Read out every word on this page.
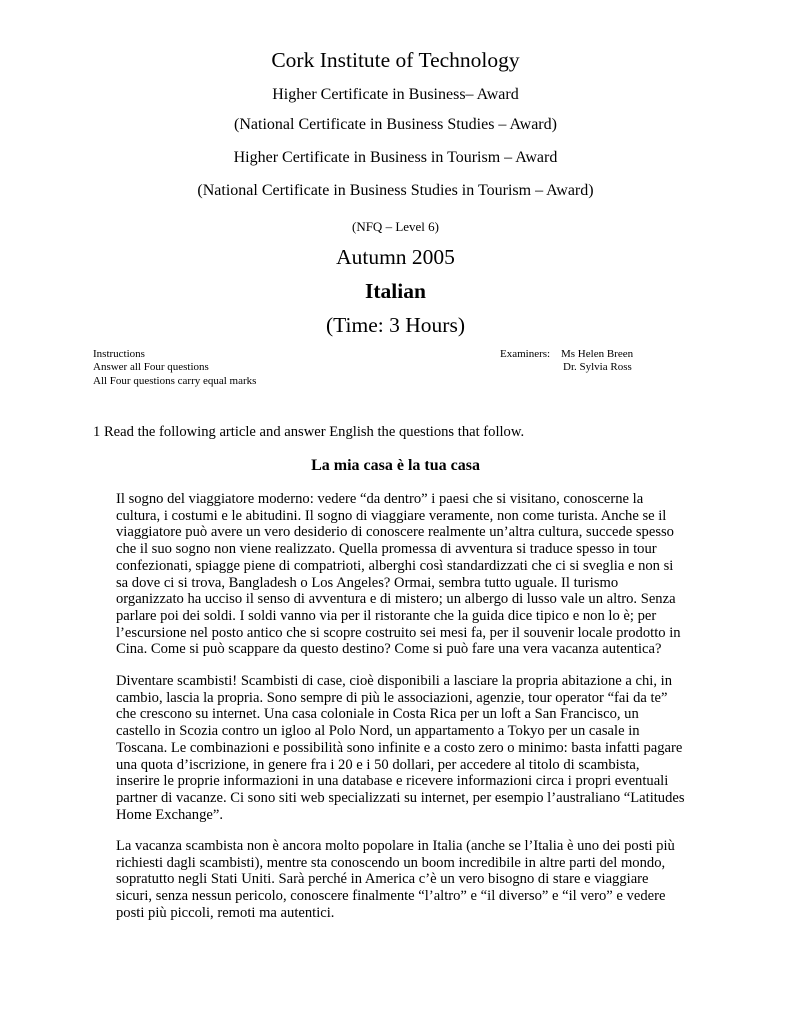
Cork Institute of Technology
Higher Certificate in Business– Award
(National Certificate in Business Studies – Award)
Higher Certificate in Business in Tourism – Award
(National Certificate in Business Studies in Tourism – Award)
(NFQ – Level 6)
Autumn 2005
Italian
(Time: 3 Hours)
Instructions
Answer all Four questions
All Four questions carry equal marks
Examiners: Ms Helen Breen
Dr. Sylvia Ross
1 Read the following article and answer English the questions that follow.
La mia casa è la tua casa

Il sogno del viaggiatore moderno: vedere “da dentro” i paesi che si visitano, conoscerne la cultura, i costumi e le abitudini. Il sogno di viaggiare veramente, non come turista. Anche se il viaggiatore può avere un vero desiderio di conoscere realmente un’altra cultura, succede spesso che il suo sogno non viene realizzato. Quella promessa di avventura si traduce spesso in tour confezionati, spiagge piene di compatrioti, alberghi così standardizzati che ci si sveglia e non si sa dove ci si trova, Bangladesh o Los Angeles? Ormai, sembra tutto uguale. Il turismo organizzato ha ucciso il senso di avventura e di mistero; un albergo di lusso vale un altro. Senza parlare poi dei soldi. I soldi vanno via per il ristorante che la guida dice tipico e non lo è; per l’escursione nel posto antico che si scopre costruito sei mesi fa, per il souvenir locale prodotto in Cina. Come si può scappare da questo destino? Come si può fare una vera vacanza autentica?

Diventare scambisti! Scambisti di case, cioè disponibili a lasciare la propria abitazione a chi, in cambio, lascia la propria. Sono sempre di più le associazioni, agenzie, tour operator “fai da te” che crescono su internet. Una casa coloniale in Costa Rica per un loft a San Francisco, un castello in Scozia contro un igloo al Polo Nord, un appartamento a Tokyo per un casale in Toscana. Le combinazioni e possibilità sono infinite e a costo zero o minimo: basta infatti pagare una quota d’iscrizione, in genere fra i 20 e i 50 dollari, per accedere al titolo di scambista, inserire le proprie informazioni in una database e ricevere informazioni circa i propri eventuali partner di vacanze. Ci sono siti web specializzati su internet, per esempio l’australiano “Latitudes Home Exchange”.

La vacanza scambista non è ancora molto popolare in Italia (anche se l’Italia è uno dei posti più richiesti dagli scambisti), mentre sta conoscendo un boom incredibile in altre parti del mondo, sopratutto negli Stati Uniti. Sarà perché in America c’è un vero bisogno di stare e viaggiare sicuri, senza nessun pericolo, conoscere finalmente “l’altro” e “il diverso” e “il vero” e vedere posti più piccoli, remoti ma autentici.
